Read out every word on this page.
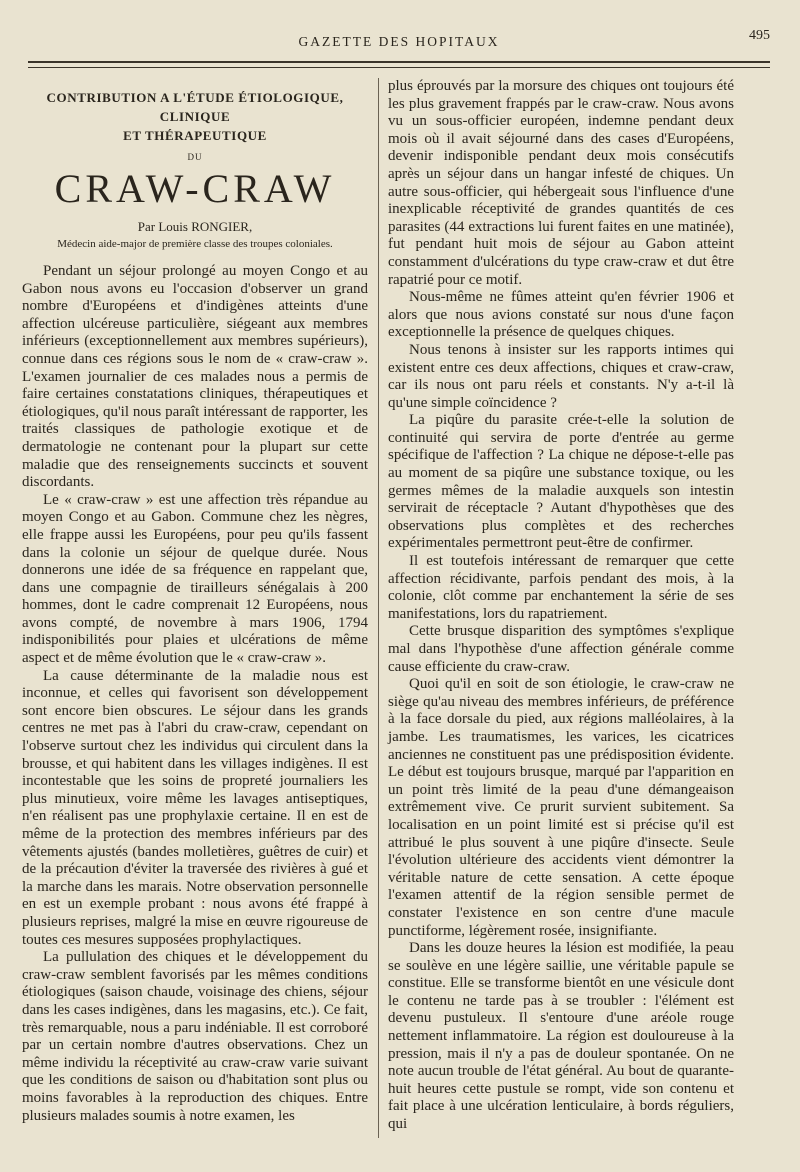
GAZETTE DES HOPITAUX	495
CONTRIBUTION A L'ÉTUDE ÉTIOLOGIQUE, CLINIQUE
ET THÉRAPEUTIQUE
DU
CRAW-CRAW
Par Louis RONGIER,
Médecin aide-major de première classe des troupes coloniales.

Pendant un séjour prolongé au moyen Congo et au Gabon nous avons eu l'occasion d'observer un grand nombre d'Européens et d'indigènes atteints d'une affection ulcéreuse particulière, siégeant aux membres inférieurs (exceptionnellement aux membres supérieurs), connue dans ces régions sous le nom de « craw-craw ». L'examen journalier de ces malades nous a permis de faire certaines constatations cliniques, thérapeutiques et étiologiques, qu'il nous paraît intéressant de rapporter, les traités classiques de pathologie exotique et de dermatologie ne contenant pour la plupart sur cette maladie que des renseignements succincts et souvent discordants.

Le « craw-craw » est une affection très répandue au moyen Congo et au Gabon. Commune chez les nègres, elle frappe aussi les Européens, pour peu qu'ils fassent dans la colonie un séjour de quelque durée. Nous donnerons une idée de sa fréquence en rappelant que, dans une compagnie de tirailleurs sénégalais à 200 hommes, dont le cadre comprenait 12 Européens, nous avons compté, de novembre à mars 1906, 1794 indisponibilités pour plaies et ulcérations de même aspect et de même évolution que le « craw-craw ».

La cause déterminante de la maladie nous est inconnue, et celles qui favorisent son développement sont encore bien obscures. Le séjour dans les grands centres ne met pas à l'abri du craw-craw, cependant on l'observe surtout chez les individus qui circulent dans la brousse, et qui habitent dans les villages indigènes. Il est incontestable que les soins de propreté journaliers les plus minutieux, voire même les lavages antiseptiques, n'en réalisent pas une prophylaxie certaine. Il en est de même de la protection des membres inférieurs par des vêtements ajustés (bandes molletières, guêtres de cuir) et de la précaution d'éviter la traversée des rivières à gué et la marche dans les marais. Notre observation personnelle en est un exemple probant : nous avons été frappé à plusieurs reprises, malgré la mise en œuvre rigoureuse de toutes ces mesures supposées prophylactiques.

La pullulation des chiques et le développement du craw-craw semblent favorisés par les mêmes conditions étiologiques (saison chaude, voisinage des chiens, séjour dans les cases indigènes, dans les magasins, etc.). Ce fait, très remarquable, nous a paru indéniable. Il est corroboré par un certain nombre d'autres observations. Chez un même individu la réceptivité au craw-craw varie suivant que les conditions de saison ou d'habitation sont plus ou moins favorables à la reproduction des chiques. Entre plusieurs malades soumis à notre examen, les

plus éprouvés par la morsure des chiques ont toujours été les plus gravement frappés par le craw-craw. Nous avons vu un sous-officier européen, indemne pendant deux mois où il avait séjourné dans des cases d'Européens, devenir indisponible pendant deux mois consécutifs après un séjour dans un hangar infesté de chiques. Un autre sous-officier, qui hébergeait sous l'influence d'une inexplicable réceptivité de grandes quantités de ces parasites (44 extractions lui furent faites en une matinée), fut pendant huit mois de séjour au Gabon atteint constamment d'ulcérations du type craw-craw et dut être rapatrié pour ce motif.

Nous-même ne fûmes atteint qu'en février 1906 et alors que nous avions constaté sur nous d'une façon exceptionnelle la présence de quelques chiques.

Nous tenons à insister sur les rapports intimes qui existent entre ces deux affections, chiques et craw-craw, car ils nous ont paru réels et constants. N'y a-t-il là qu'une simple coïncidence ?

La piqûre du parasite crée-t-elle la solution de continuité qui servira de porte d'entrée au germe spécifique de l'affection ? La chique ne dépose-t-elle pas au moment de sa piqûre une substance toxique, ou les germes mêmes de la maladie auxquels son intestin servirait de réceptacle ? Autant d'hypothèses que des observations plus complètes et des recherches expérimentales permettront peut-être de confirmer.

Il est toutefois intéressant de remarquer que cette affection récidivante, parfois pendant des mois, à la colonie, clôt comme par enchantement la série de ses manifestations, lors du rapatriement.

Cette brusque disparition des symptômes s'explique mal dans l'hypothèse d'une affection générale comme cause efficiente du craw-craw.

Quoi qu'il en soit de son étiologie, le craw-craw ne siège qu'au niveau des membres inférieurs, de préférence à la face dorsale du pied, aux régions malléolaires, à la jambe. Les traumatismes, les varices, les cicatrices anciennes ne constituent pas une prédisposition évidente. Le début est toujours brusque, marqué par l'apparition en un point très limité de la peau d'une démangeaison extrêmement vive. Ce prurit survient subitement. Sa localisation en un point limité est si précise qu'il est attribué le plus souvent à une piqûre d'insecte. Seule l'évolution ultérieure des accidents vient démontrer la véritable nature de cette sensation. A cette époque l'examen attentif de la région sensible permet de constater l'existence en son centre d'une macule punctiforme, légèrement rosée, insignifiante.

Dans les douze heures la lésion est modifiée, la peau se soulève en une légère saillie, une véritable papule se constitue. Elle se transforme bientôt en une vésicule dont le contenu ne tarde pas à se troubler : l'élément est devenu pustuleux. Il s'entoure d'une aréole rouge nettement inflammatoire. La région est douloureuse à la pression, mais il n'y a pas de douleur spontanée. On ne note aucun trouble de l'état général. Au bout de quarante-huit heures cette pustule se rompt, vide son contenu et fait place à une ulcération lenticulaire, à bords réguliers, qui
